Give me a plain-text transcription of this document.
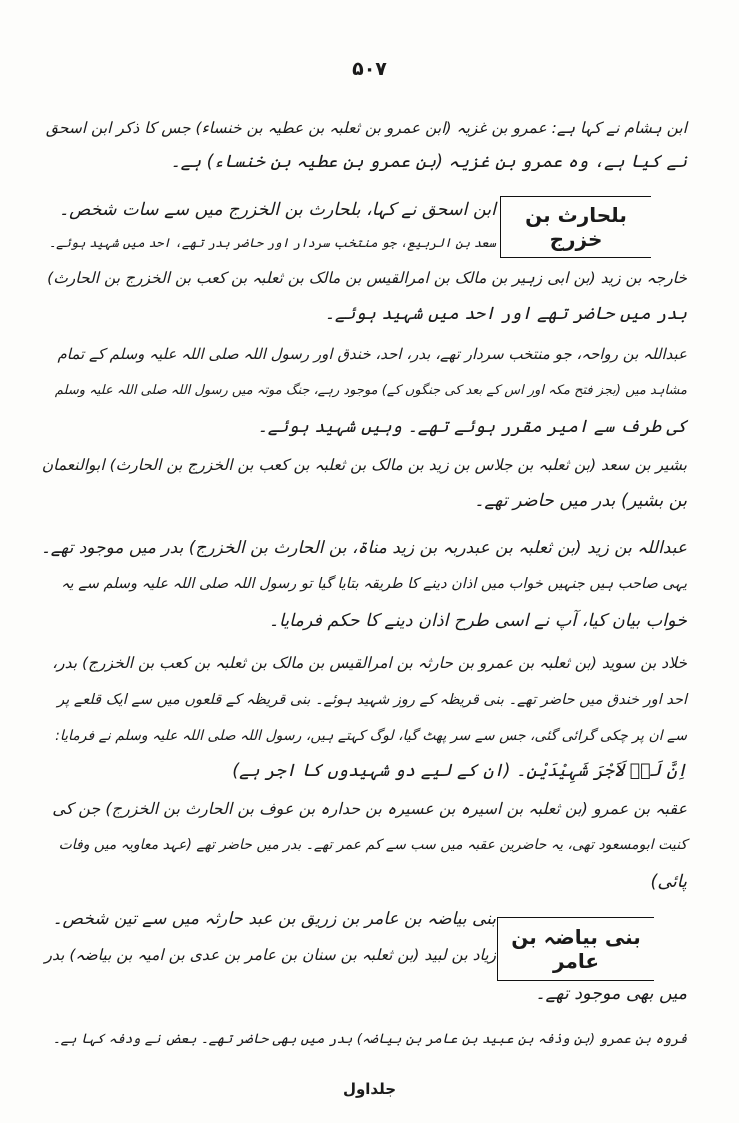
۵۰۷
ابن ہشام نے کہا ہے: عمرو بن غزیہ (ابن عمرو بن ثعلبہ بن عطیہ بن خنساء) جس کا ذکر ابن اسحق
نے کیا ہے، وہ عمرو بن غزیہ (بن عمرو بن عطیہ بن خنساء) ہے۔
بلحارث بن خزرج
ابن اسحق نے کہا، بلحارث بن الخزرج میں سے سات شخص۔
سعد بن الربیع، جو منتخب سردار اور حاضر بدر تھے، احد میں شہید ہوئے۔
خارجہ بن زید (بن ابی زہیر بن مالک بن امرالقیس بن مالک بن ثعلبہ بن کعب بن الخزرج بن الحارث)
بدر میں حاضر تھے اور احد میں شہید ہوئے۔
عبداللہ بن رواحہ، جو منتخب سردار تھے، بدر، احد، خندق اور رسول اللہ صلی اللہ علیہ وسلم کے تمام
مشاہد میں (بجز فتح مکہ اور اس کے بعد کی جنگوں کے) موجود رہے، جنگ موتہ میں رسول اللہ صلی اللہ علیہ وسلم
کی طرف سے امیر مقرر ہوئے تھے۔ وہیں شہید ہوئے۔
بشیر بن سعد (بن ثعلبہ بن جلاس بن زید بن مالک بن ثعلبہ بن کعب بن الخزرج بن الحارث) ابوالنعمان
بن بشیر) بدر میں حاضر تھے۔
عبداللہ بن زید (بن ثعلبہ بن عبدربہ بن زید مناۃ، بن الحارث بن الخزرج) بدر میں موجود تھے۔
یہی صاحب ہیں جنہیں خواب میں اذان دینے کا طریقہ بتایا گیا تو رسول اللہ صلی اللہ علیہ وسلم سے یہ
خواب بیان کیا، آپ نے اسی طرح اذان دینے کا حکم فرمایا۔
خلاد بن سوید (بن ثعلبہ بن عمرو بن حارثہ بن امرالقیس بن مالک بن ثعلبہ بن کعب بن الخزرج) بدر،
احد اور خندق میں حاضر تھے۔ بنی قریظہ کے روز شہید ہوئے۔ بنی قریظہ کے قلعوں میں سے ایک قلعے پر
سے ان پر چکی گرائی گئی، جس سے سر پھٹ گیا، لوگ کہتے ہیں، رسول اللہ صلی اللہ علیہ وسلم نے فرمایا:
اِنَّ لَہٗ لَاَجْرَ شَہِیْدَیْنِ۔ (ان کے لیے دو شہیدوں کا اجر ہے)
عقبہ بن عمرو (بن ثعلبہ بن اسیرہ بن عسیرہ بن حدارہ بن عوف بن الحارث بن الخزرج) جن کی
کنیت ابومسعود تھی، یہ حاضرین عقبہ میں سب سے کم عمر تھے۔ بدر میں حاضر تھے (عہد معاویہ میں وفات
پائی)
بنی بیاضہ بن عامر
بنی بیاضہ بن عامر بن زریق بن عبد حارثہ میں سے تین شخص۔
زیاد بن لبید (بن ثعلبہ بن سنان بن عامر بن عدی بن امیہ بن بیاضہ) بدر
میں بھی موجود تھے۔
فروہ بن عمرو (بن وذفہ بن عبید بن عامر بن بیاضہ) بدر میں بھی حاضر تھے۔ بعض نے ودفہ کہا ہے۔
جلداول
